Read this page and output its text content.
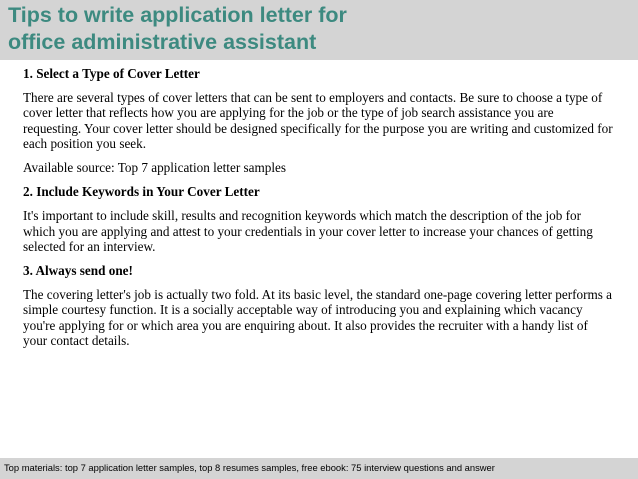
Tips to write application letter for
office administrative assistant

1. Select a Type of Cover Letter

There are several types of cover letters that can be sent to employers and contacts. Be sure to choose a type of cover letter that reflects how you are applying for the job or the type of job search assistance you are requesting. Your cover letter should be designed specifically for the purpose you are writing and customized for each position you seek.

Available source: Top 7 application letter samples

2. Include Keywords in Your Cover Letter

It's important to include skill, results and recognition keywords which match the description of the job for which you are applying and attest to your credentials in your cover letter to increase your chances of getting selected for an interview.

3. Always send one!

The covering letter's job is actually two fold. At its basic level, the standard one-page covering letter performs a simple courtesy function. It is a socially acceptable way of introducing you and explaining which vacancy you're applying for or which area you are enquiring about. It also provides the recruiter with a handy list of your contact details.

Top materials: top 7 application letter samples, top 8 resumes samples, free ebook: 75 interview questions and answer
